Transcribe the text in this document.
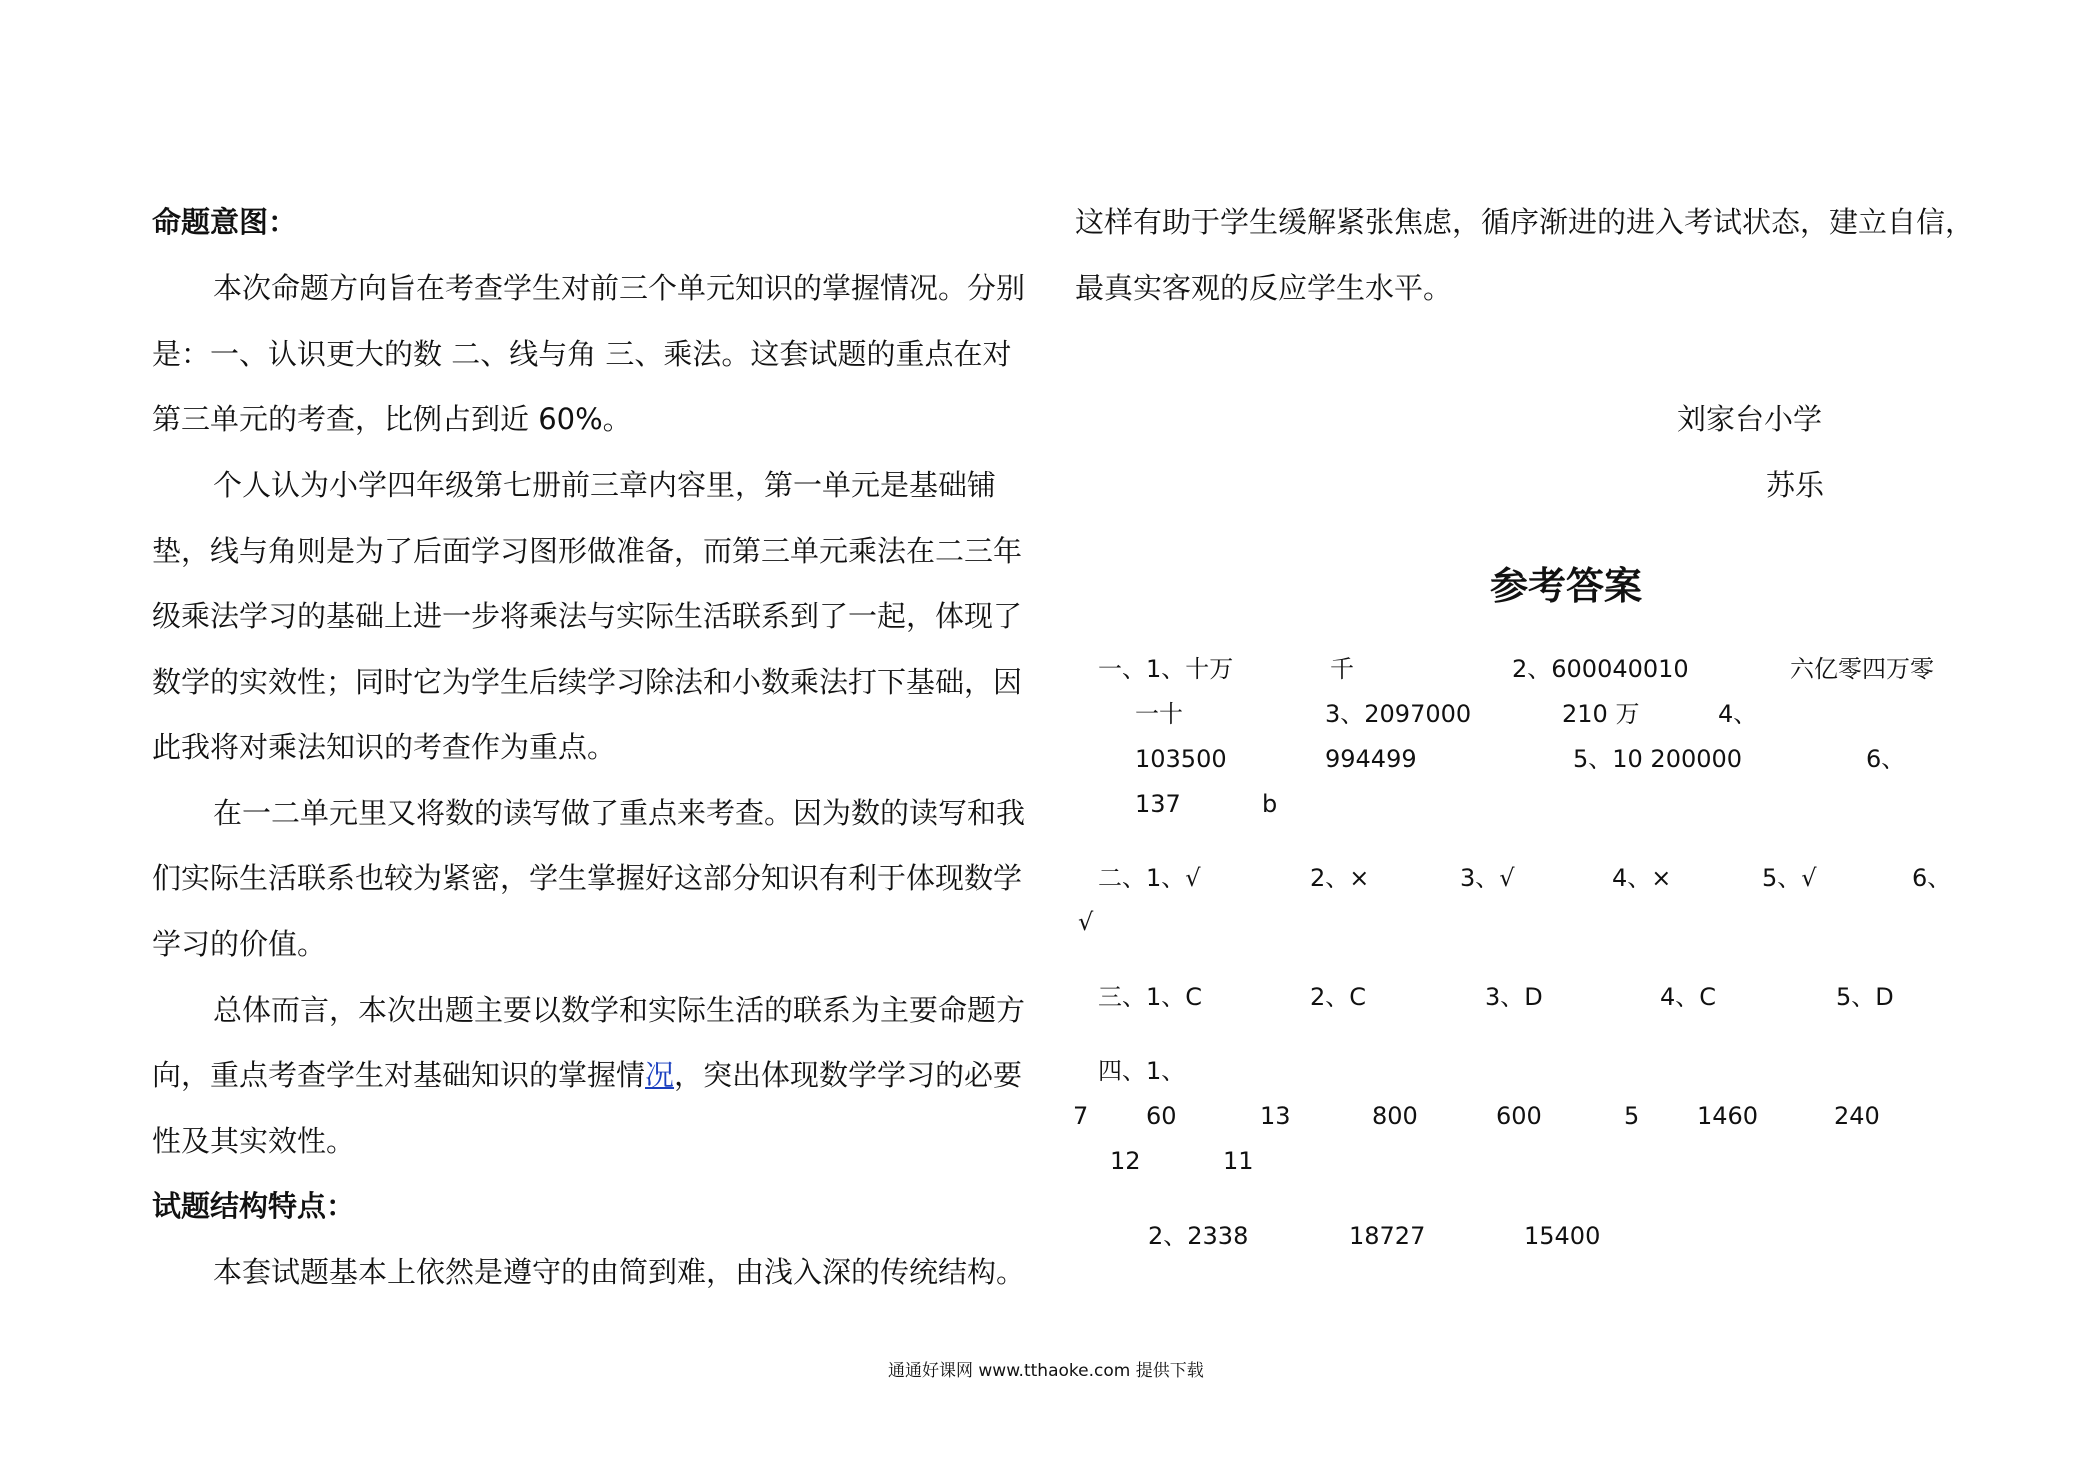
命题意图：
本次命题方向旨在考查学生对前三个单元知识的掌握情况。分别
是：一、认识更大的数 二、线与角 三、乘法。这套试题的重点在对
第三单元的考查，比例占到近 60%。
个人认为小学四年级第七册前三章内容里，第一单元是基础铺
垫，线与角则是为了后面学习图形做准备，而第三单元乘法在二三年
级乘法学习的基础上进一步将乘法与实际生活联系到了一起，体现了
数学的实效性；同时它为学生后续学习除法和小数乘法打下基础，因
此我将对乘法知识的考查作为重点。
在一二单元里又将数的读写做了重点来考查。因为数的读写和我
们实际生活联系也较为紧密，学生掌握好这部分知识有利于体现数学
学习的价值。
总体而言，本次出题主要以数学和实际生活的联系为主要命题方
向，重点考查学生对基础知识的掌握情况，突出体现数学学习的必要
性及其实效性。
试题结构特点：
本套试题基本上依然是遵守的由简到难，由浅入深的传统结构。
这样有助于学生缓解紧张焦虑，循序渐进的进入考试状态，建立自信，
最真实客观的反应学生水平。
刘家台小学
苏乐
参考答案
一、1、十万	千	2、600040010	六亿零四万零
一十	3、2097000	210 万	4、
103500	994499	5、10 200000	6、
137	b
二、1、√	2、×	3、√	4、×	5、√	6、
√
三、1、C	2、C	3、D	4、C	5、D
四、1、
7 60	13	800	600	5 1460	240
12	11
2、2338	18727	15400
通通好课网 www.tthaoke.com 提供下载
